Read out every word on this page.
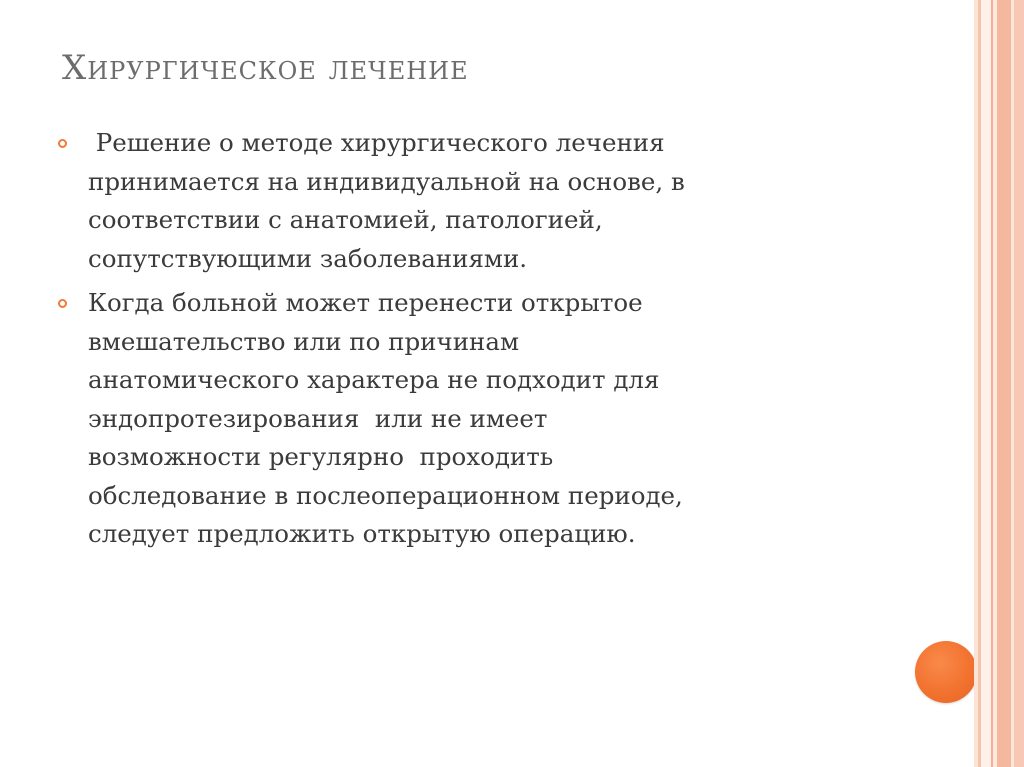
Хирургическое лечение
Решение о методе хирургического лечения
принимается на индивидуальной на основе, в
соответствии с анатомией, патологией,
сопутствующими заболеваниями.
Когда больной может перенести открытое
вмешательство или по причинам
анатомического характера не подходит для
эндопротезирования  или не имеет
возможности регулярно  проходить
обследование в послеоперационном периоде,
следует предложить открытую операцию.
